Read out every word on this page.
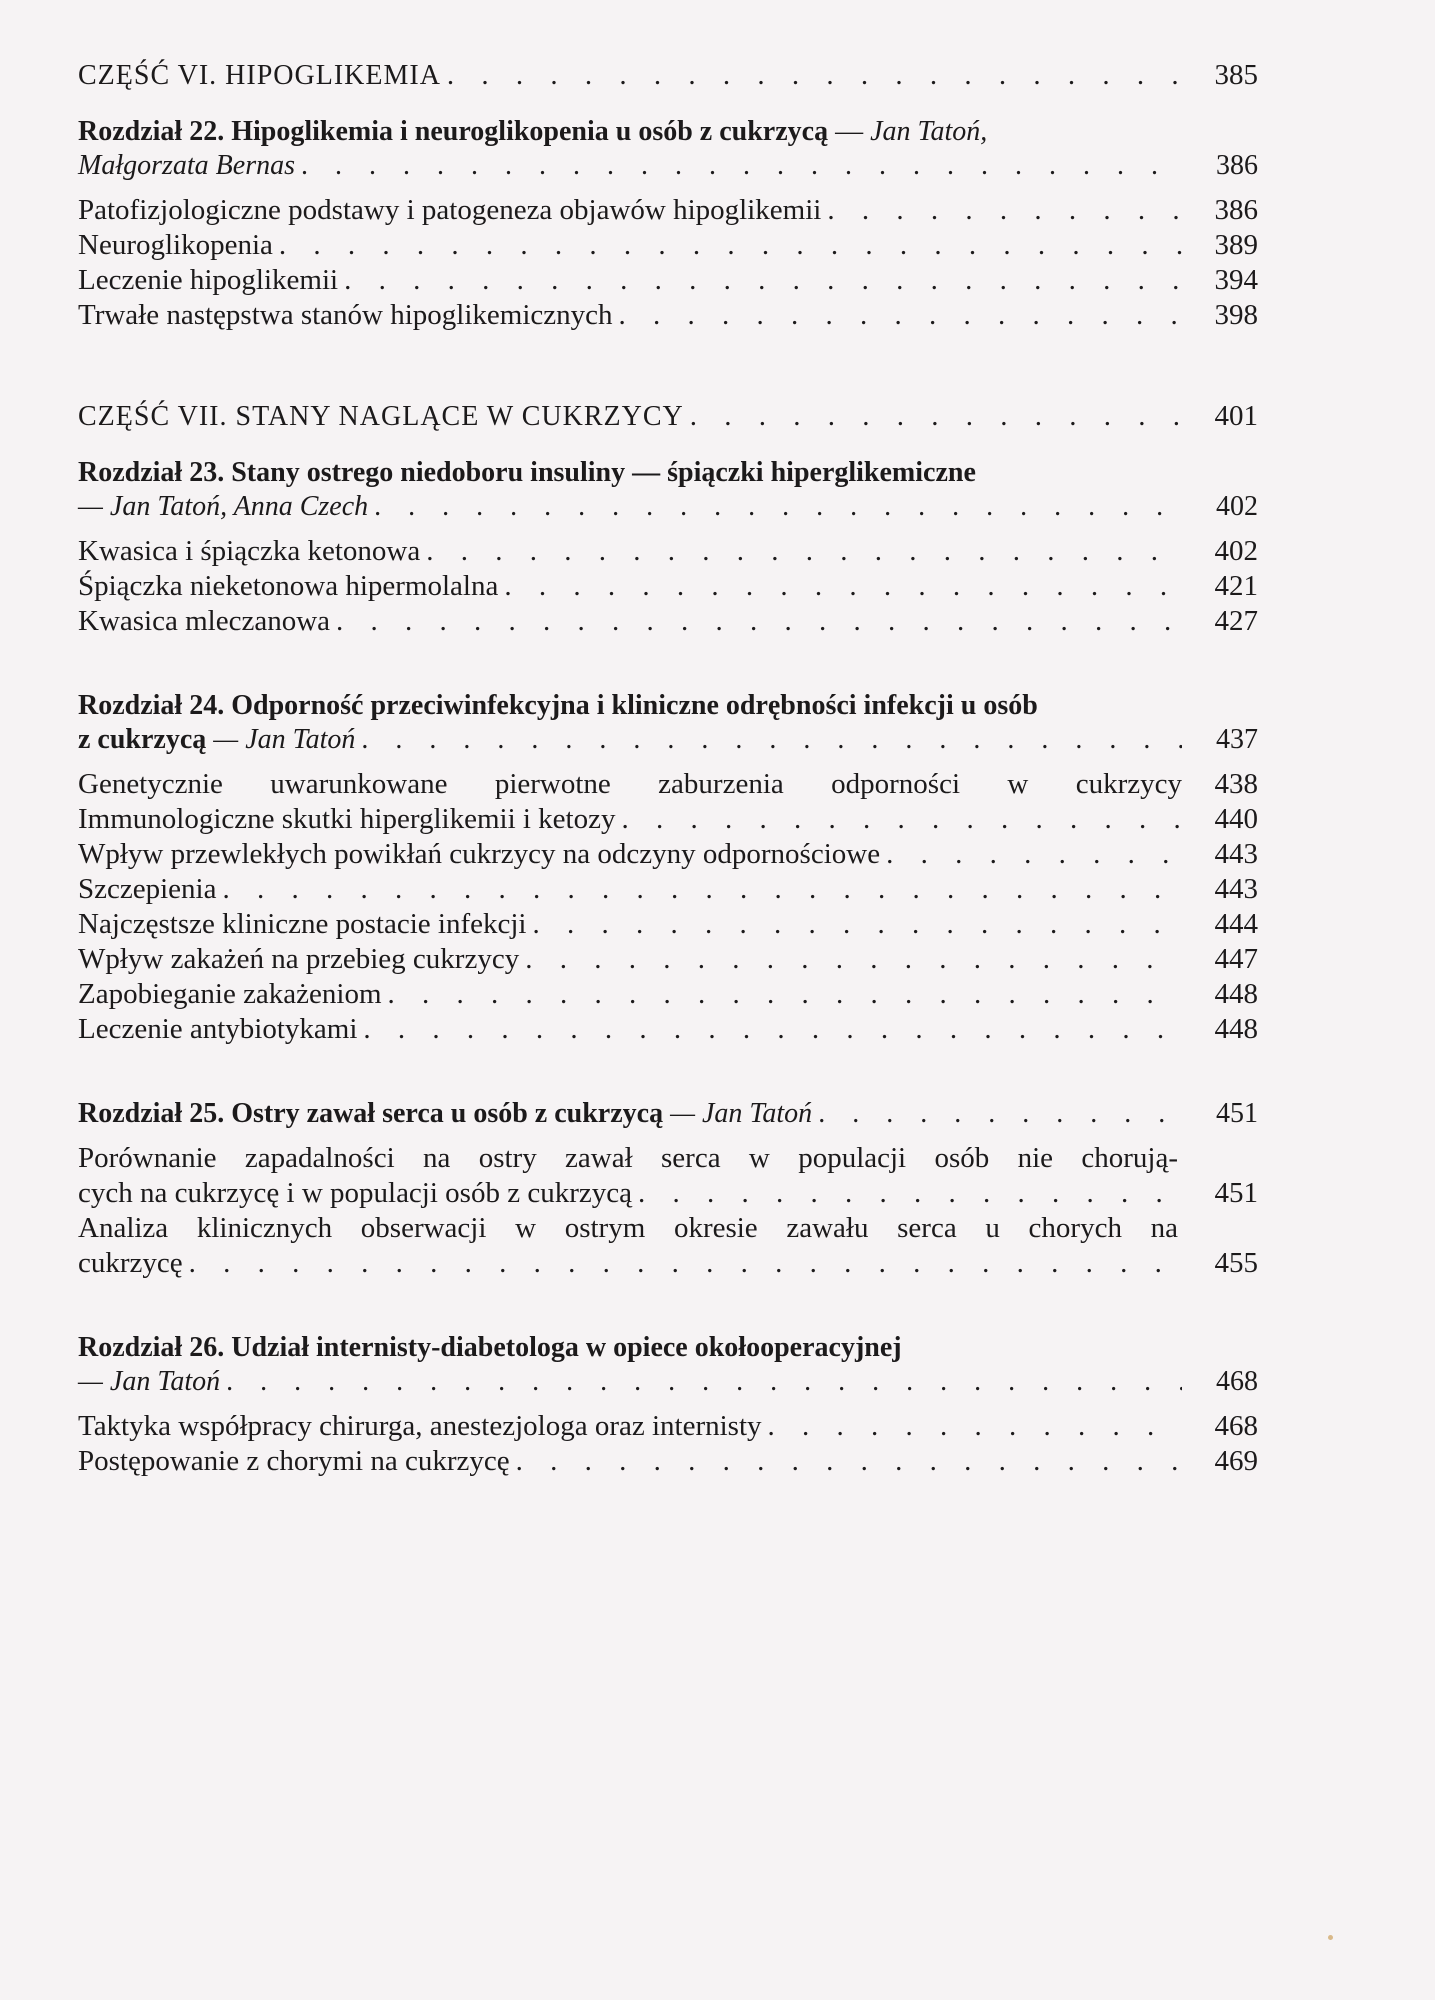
CZĘŚĆ VI. HIPOGLIKEMIA . . .	385
Rozdział 22. Hipoglikemia i neuroglikopenia u osób z cukrzycą — Jan Tatoń,
Małgorzata Bernas . . .	386
Patofizjologiczne podstawy i patogeneza objawów hipoglikemii . . .	386
Neuroglikopenia . . .	389
Leczenie hipoglikemii . . .	394
Trwałe następstwa stanów hipoglikemicznych . . .	398
CZĘŚĆ VII. STANY NAGLĄCE W CUKRZYCY . . .	401
Rozdział 23. Stany ostrego niedoboru insuliny — śpiączki hiperglikemiczne
— Jan Tatoń, Anna Czech . . .	402
Kwasica i śpiączka ketonowa . . .	402
Śpiączka nieketonowa hipermolalna . . .	421
Kwasica mleczanowa . . .	427
Rozdział 24. Odporność przeciwinfekcyjna i kliniczne odrębności infekcji u osób
z cukrzycą — Jan Tatoń . . .	437
Genetycznie uwarunkowane pierwotne zaburzenia odporności w cukrzycy	438
Immunologiczne skutki hiperglikemii i ketozy . . .	440
Wpływ przewlekłych powikłań cukrzycy na odczyny odpornościowe . . .	443
Szczepienia . . .	443
Najczęstsze kliniczne postacie infekcji . . .	444
Wpływ zakażeń na przebieg cukrzycy . . .	447
Zapobieganie zakażeniom . . .	448
Leczenie antybiotykami . . .	448
Rozdział 25. Ostry zawał serca u osób z cukrzycą — Jan Tatoń . . .	451
Porównanie zapadalności na ostry zawał serca w populacji osób nie chorują-
cych na cukrzycę i w populacji osób z cukrzycą . . .	451
Analiza klinicznych obserwacji w ostrym okresie zawału serca u chorych na
cukrzycę . . .	455
Rozdział 26. Udział internisty-diabetologa w opiece okołooperacyjnej
— Jan Tatoń . . .	468
Taktyka współpracy chirurga, anestezjologa oraz internisty . . .	468
Postępowanie z chorymi na cukrzycę . . .	469
